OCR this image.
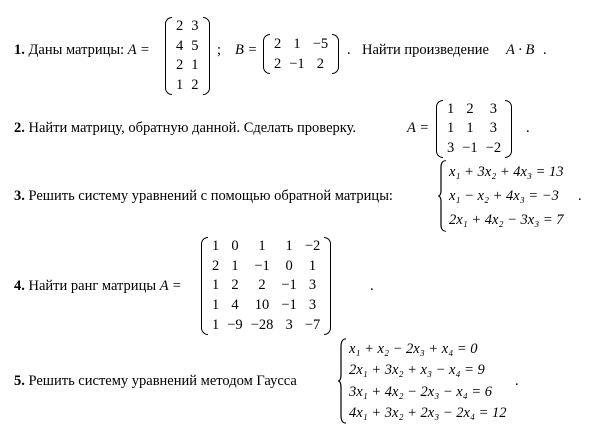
1. Даны матрицы: A =
2	3
4	5
2	1
1	2
; B = 2	1	−5
2	−1	2
. Найти произведение A · B .
2. Найти матрицу, обратную данной. Сделать проверку.	A =
1	2	3
1	1	3
3	−1	−2
.
3. Решить систему уравнений с помощью обратной матрицы:
x₁ + 3x₂ + 4x₃ = 13
x₁ − x₂ + 4x₃ = −3
2x₁ + 4x₂ − 3x₃ = 7
.
4. Найти ранг матрицы A =
1	0	1	1	−2
2	1	−1	0	1
1	2	2	−1	3
1	4	10	−1	3
1	−9	−28	3	−7
.
5. Решить систему уравнений методом Гаусса
x₁ + x₂ − 2x₃ + x₄ = 0
2x₁ + 3x₂ + x₃ − x₄ = 9
3x₁ + 4x₂ − 2x₃ − x₄ = 6
4x₁ + 3x₂ + 2x₃ − 2x₄ = 12
.
